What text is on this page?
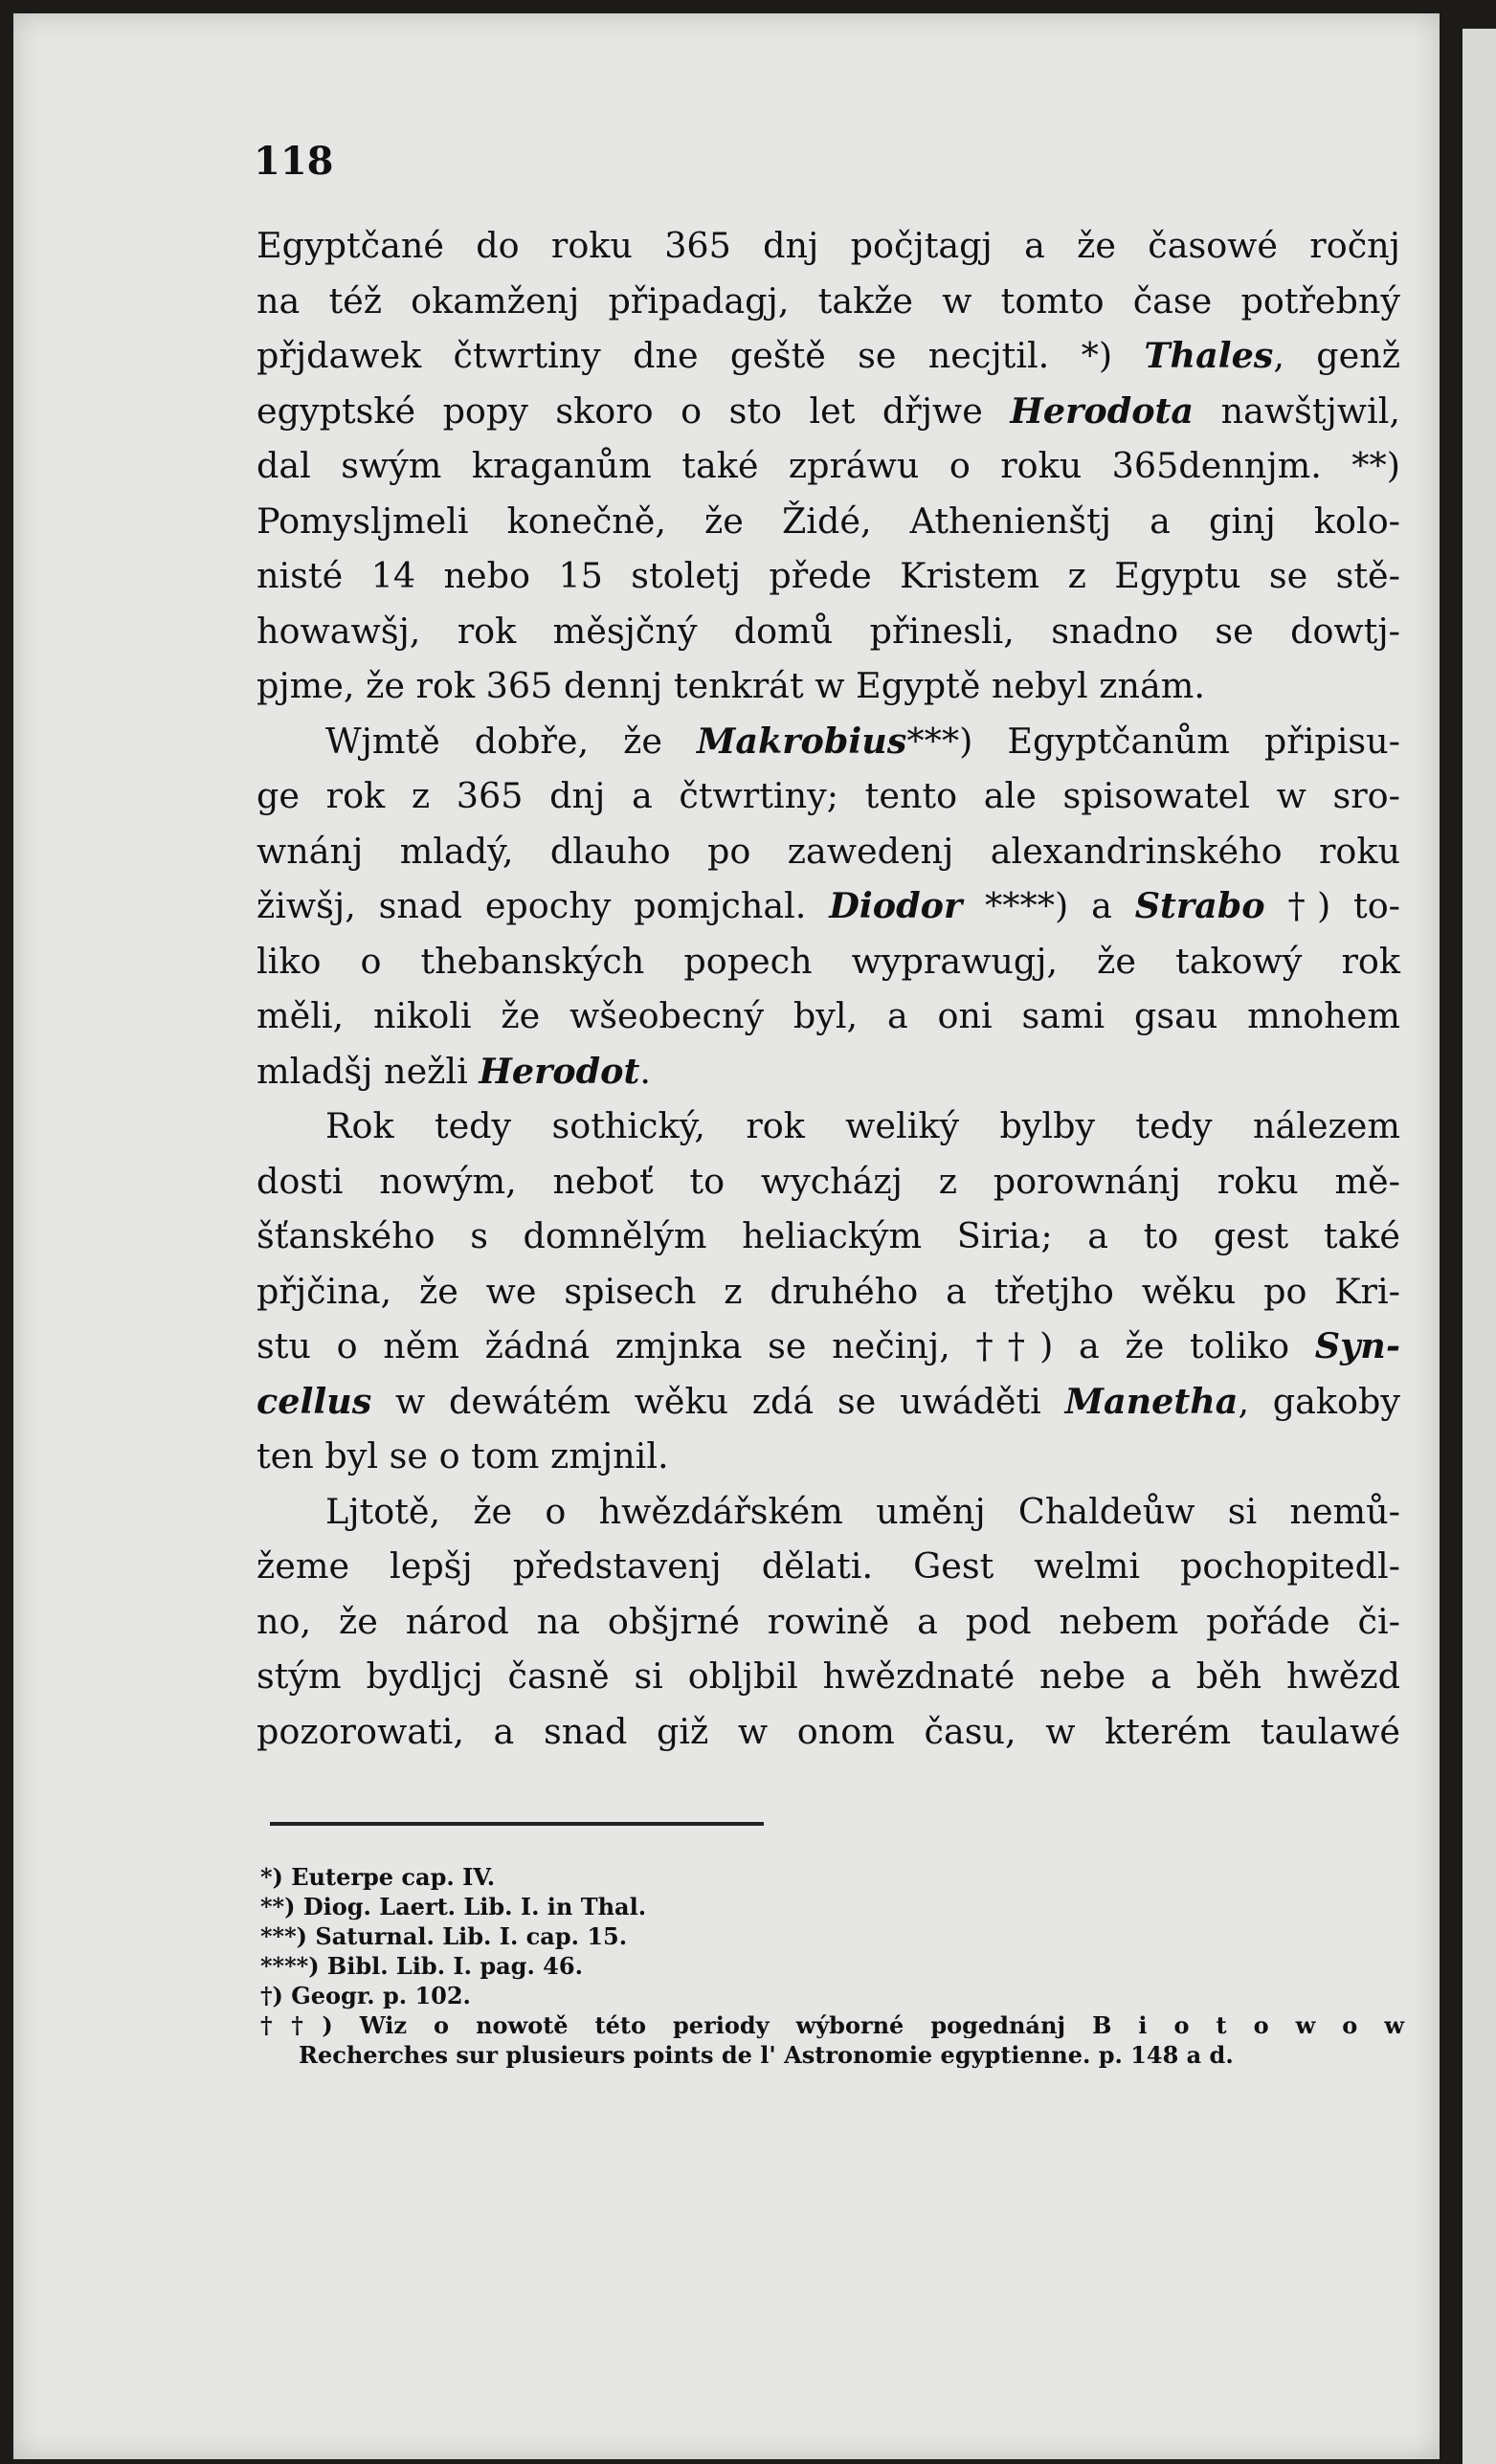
118
Egyptčané do roku 365 dnj počjtagj a že časowé ročnj
na též okamženj připadagj, takže w tomto čase potřebný
přjdawek čtwrtiny dne geště se necjtil. *) Thales, genž
egyptské popy skoro o sto let dřjwe Herodota nawštjwil,
dal swým kraganům také zpráwu o roku 365dennjm. **)
Pomyslјmeli konečně, že Židé, Athenienštj a ginj kolo-
nisté 14 nebo 15 stoletj přede Kristem z Egyptu se stě-
howawšj, rok měsjčný domů přinesli, snadno se dowtj-
pjme, že rok 365 dennj tenkrát w Egyptě nebyl znám.
Wjmtě dobře, že Makrobius***) Egyptčanům připisu-
ge rok z 365 dnj a čtwrtiny; tento ale spisowatel w sro-
wnánj mladý, dlauho po zawedenj alexandrinského roku
žiwšj, snad epochy pomjchal. Diodor ****) a Strabo †) to-
liko o thebanských popech wyprawugj, že takowý rok
měli, nikoli že wšeobecný byl, a oni sami gsau mnohem
mladšj nežli Herodot.
Rok tedy sothický, rok weliký bylby tedy nálezem
dosti nowým, neboť to wycházj z porownánj roku mě-
šťanského s domnělým heliackým Siria; a to gest také
přjčina, že we spisech z druhého a třetjho wěku po Kri-
stu o něm žádná zmjnka se nečinj, ††) a že toliko Syn-
cellus w dewátém wěku zdá se uwáděti Manetha, gakoby
ten byl se o tom zmjnil.
Ljtotě, že o hwězdářském uměnj Chaldeůw si nemů-
žeme lepšj představenj dělati. Gest welmi pochopitedl-
no, že národ na obšjrné rowině a pod nebem pořáde či-
stým bydljcj časně si obljbil hwězdnaté nebe a běh hwězd
pozorowati, a snad giž w onom času, w kterém taulawé
*) Euterpe cap. IV.
**) Diog. Laert. Lib. I. in Thal.
***) Saturnal. Lib. I. cap. 15.
****) Bibl. Lib. I. pag. 46.
†) Geogr. p. 102.
††) Wiz o nowotě této periody wýborné pogednánj B i o t o w o w
Recherches sur plusieurs points de l' Astronomie egyptienne. p. 148 a d.
